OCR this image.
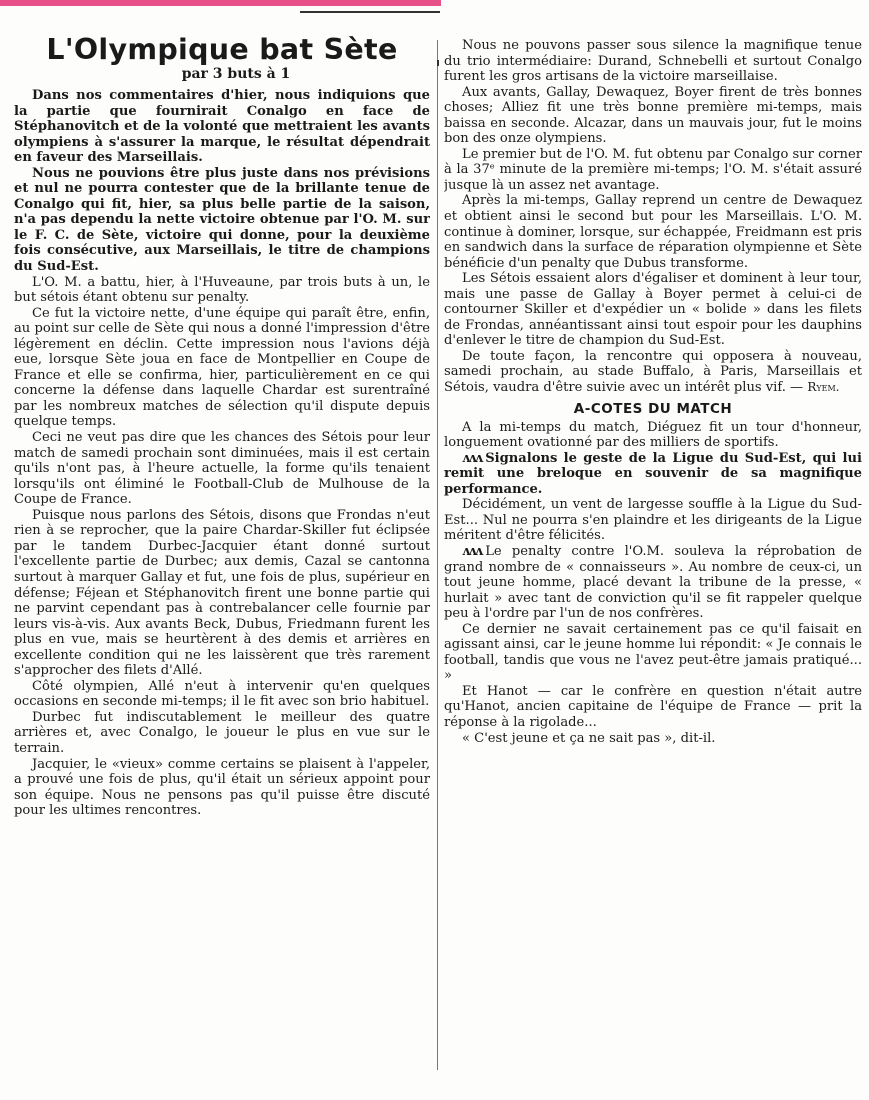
L'Olympique bat Sète
par 3 buts à 1

Dans nos commentaires d'hier, nous indiquions que la partie que fournirait Conalgo en face de Stéphanovitch et de la volonté que mettraient les avants olympiens à s'assurer la marque, le résultat dépendrait en faveur des Marseillais.

Nous ne pouvions être plus juste dans nos prévisions et nul ne pourra contester que de la brillante tenue de Conalgo qui fit, hier, sa plus belle partie de la saison, n'a pas dependu la nette victoire obtenue par l'O. M. sur le F. C. de Sète, victoire qui donne, pour la deuxième fois consécutive, aux Marseillais, le titre de champions du Sud-Est.

L'O. M. a battu, hier, à l'Huveaune, par trois buts à un, le but sétois étant obtenu sur penalty.

Ce fut la victoire nette, d'une équipe qui paraît être, enfin, au point sur celle de Sète qui nous a donné l'impression d'être légèrement en déclin. Cette impression nous l'avions déjà eue, lorsque Sète joua en face de Montpellier en Coupe de France et elle se confirma, hier, particulièrement en ce qui concerne la défense dans laquelle Chardar est surentraîné par les nombreux matches de sélection qu'il dispute depuis quelque temps.

Ceci ne veut pas dire que les chances des Sétois pour leur match de samedi prochain sont diminuées, mais il est certain qu'ils n'ont pas, à l'heure actuelle, la forme qu'ils tenaient lorsqu'ils ont éliminé le Football-Club de Mulhouse de la Coupe de France.

Puisque nous parlons des Sétois, disons que Frondas n'eut rien à se reprocher, que la paire Chardar-Skiller fut éclipsée par le tandem Durbec-Jacquier étant donné surtout l'excellente partie de Durbec; aux demis, Cazal se cantonna surtout à marquer Gallay et fut, une fois de plus, supérieur en défense; Féjean et Stéphanovitch firent une bonne partie qui ne parvint cependant pas à contrebalancer celle fournie par leurs vis-à-vis. Aux avants Beck, Dubus, Friedmann furent les plus en vue, mais se heurtèrent à des demis et arrières en excellente condition qui ne les laissèrent que très rarement s'approcher des filets d'Allé.

Côté olympien, Allé n'eut à intervenir qu'en quelques occasions en seconde mi-temps; il le fit avec son brio habituel.

Durbec fut indiscutablement le meilleur des quatre arrières et, avec Conalgo, le joueur le plus en vue sur le terrain.

Jacquier, le «vieux» comme certains se plaisent à l'appeler, a prouvé une fois de plus, qu'il était un sérieux appoint pour son équipe. Nous ne pensons pas qu'il puisse être discuté pour les ultimes rencontres.

Nous ne pouvons passer sous silence la magnifique tenue du trio intermédiaire: Durand, Schnebelli et surtout Conalgo furent les gros artisans de la victoire marseillaise.

Aux avants, Gallay, Dewaquez, Boyer firent de très bonnes choses; Alliez fit une très bonne première mi-temps, mais baissa en seconde. Alcazar, dans un mauvais jour, fut le moins bon des onze olympiens.

Le premier but de l'O. M. fut obtenu par Conalgo sur corner à la 37ᵉ minute de la première mi-temps; l'O. M. s'était assuré jusque là un assez net avantage.

Après la mi-temps, Gallay reprend un centre de Dewaquez et obtient ainsi le second but pour les Marseillais. L'O. M. continue à dominer, lorsque, sur échappée, Freidmann est pris en sandwich dans la surface de réparation olympienne et Sète bénéficie d'un penalty que Dubus transforme.

Les Sétois essaient alors d'égaliser et dominent à leur tour, mais une passe de Gallay à Boyer permet à celui-ci de contourner Skiller et d'expédier un « bolide » dans les filets de Frondas, annéantissant ainsi tout espoir pour les dauphins d'enlever le titre de champion du Sud-Est.

De toute façon, la rencontre qui opposera à nouveau, samedi prochain, au stade Buffalo, à Paris, Marseillais et Sétois, vaudra d'être suivie avec un intérêt plus vif. — Ryem.

A-COTES DU MATCH

A la mi-temps du match, Diéguez fit un tour d'honneur, longuement ovationné par des milliers de sportifs.

ʌʌʌ Signalons le geste de la Ligue du Sud-Est, qui lui remit une breloque en souvenir de sa magnifique performance.

Décidément, un vent de largesse souffle à la Ligue du Sud-Est... Nul ne pourra s'en plaindre et les dirigeants de la Ligue méritent d'être félicités.

ʌʌʌ Le penalty contre l'O.M. souleva la réprobation de grand nombre de « connaisseurs ». Au nombre de ceux-ci, un tout jeune homme, placé devant la tribune de la presse, « hurlait » avec tant de conviction qu'il se fit rappeler quelque peu à l'ordre par l'un de nos confrères.

Ce dernier ne savait certainement pas ce qu'il faisait en agissant ainsi, car le jeune homme lui répondit: « Je connais le football, tandis que vous ne l'avez peut-être jamais pratiqué... »

Et Hanot — car le confrère en question n'était autre qu'Hanot, ancien capitaine de l'équipe de France — prit la réponse à la rigolade...

« C'est jeune et ça ne sait pas », dit-il.
